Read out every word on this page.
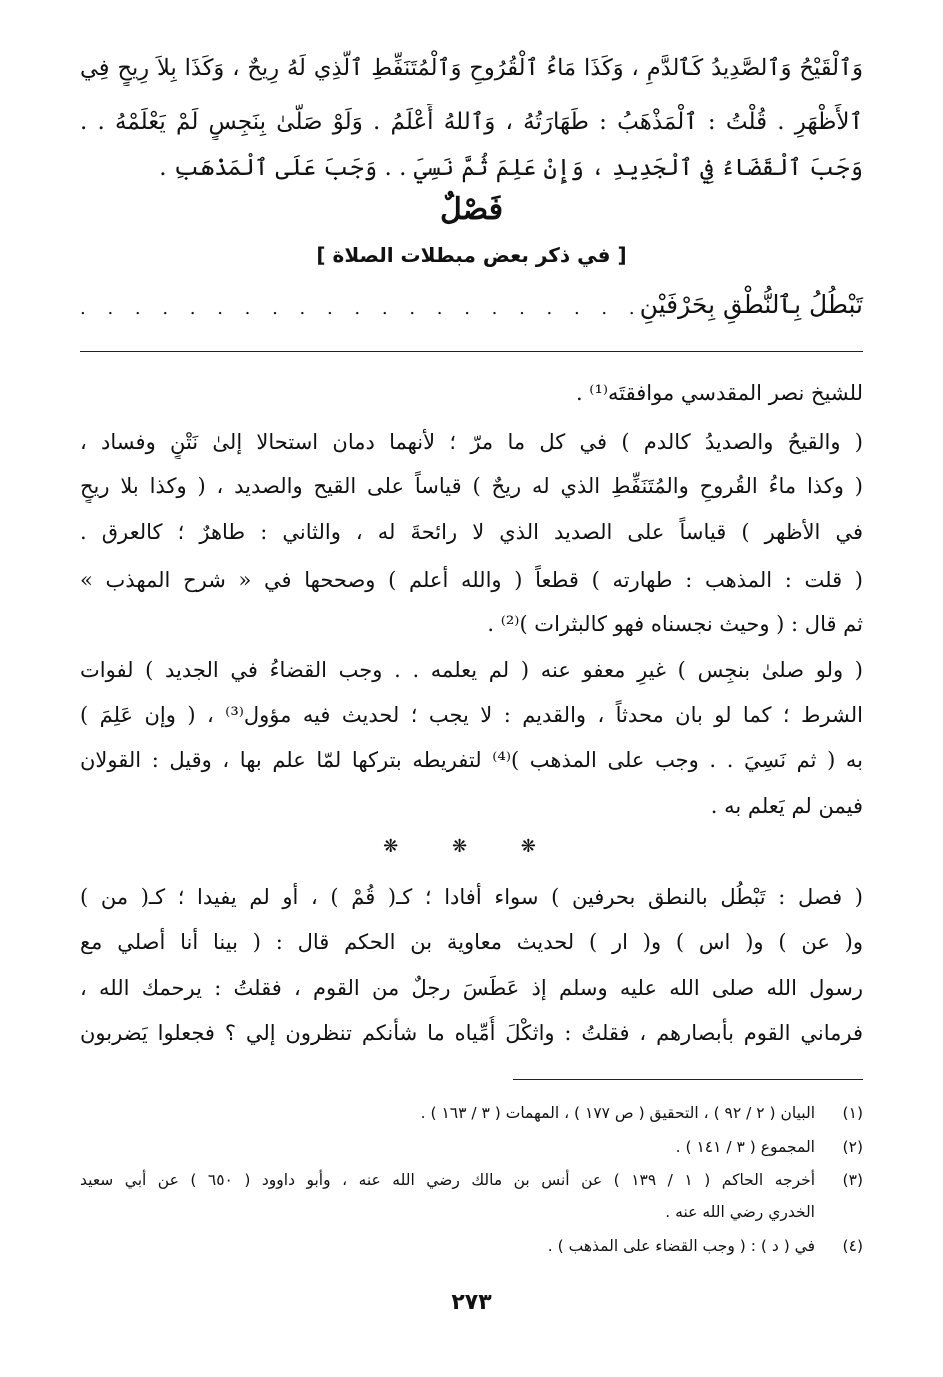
وَٱلْقَيْحُ وَٱلصَّدِيدُ كَٱلدَّمِ ، وَكَذَا مَاءُ ٱلْقُرُوحِ وَٱلْمُتَنَفِّطِ ٱلَّذِي لَهُ رِيحٌ ، وَكَذَا بِلاَ رِيحٍ فِي
ٱلأَظْهَرِ . قُلْتُ : ٱلْمَذْهَبُ : طَهَارَتُهُ ، وَٱللهُ أَعْلَمُ . وَلَوْ صَلَّىٰ بِنَجِسٍ لَمْ يَعْلَمْهُ . .
وَجَبَ ٱلْقَضَاءُ فِي ٱلْجَدِيدِ ، وَإِنْ عَلِمَ ثُمَّ نَسِيَ . . وَجَبَ عَلَى ٱلْمَذْهَبِ .
فَصْلٌ
[ في ذكر بعض مبطلات الصلاة ]
تَبْطُلُ بِٱلنُّطْقِ بِحَرْفَيْنِ
. . . . . . . . . . . . . . . . . . . . .
للشيخ نصر المقدسي موافقتَه⁽¹⁾ .
( والقيحُ والصديدُ كالدم ) في كل ما مرّ ؛ لأنهما دمان استحالا إلىٰ نَتْنٍ وفساد ،
( وكذا ماءُ القُروحِ والمُتَنَفِّطِ الذي له ريحٌ ) قياساً على القيح والصديد ، ( وكذا بلا ريحٍ
في الأظهر ) قياساً على الصديد الذي لا رائحةَ له ، والثاني : طاهرٌ ؛ كالعرق .
( قلت : المذهب : طهارته ) قطعاً ( والله أعلم ) وصححها في « شرح المهذب »
ثم قال : ( وحيث نجسناه فهو كالبثرات )⁽²⁾ .
( ولو صلىٰ بنجِس ) غيرِ معفو عنه ( لم يعلمه . . وجب القضاءُ في الجديد ) لفوات
الشرط ؛ كما لو بان محدثاً ، والقديم : لا يجب ؛ لحديث فيه مؤول⁽³⁾ ، ( وإن عَلِمَ )
به ( ثم نَسِيَ . . وجب على المذهب )⁽⁴⁾ لتفريطه بتركها لمّا علم بها ، وقيل : القولان
فيمن لم يَعلم به .
❋ ❋ ❋
( فصل : تَبْطُل بالنطق بحرفين ) سواء أفادا ؛ كـ( قُمْ ) ، أو لم يفيدا ؛ كـ( من )
و( عن ) و( اس ) و( ار ) لحديث معاوية بن الحكم قال : ( بينا أنا أصلي مع
رسول الله صلى الله عليه وسلم إذ عَطَسَ رجلٌ من القوم ، فقلتُ : يرحمك الله ،
فرماني القوم بأبصارهم ، فقلتُ : واثكْلَ أُمِّياه ما شأنكم تنظرون إلي ؟ فجعلوا يَضربون
(١)
البيان ( ٢ / ٩٢ ) ، التحقيق ( ص ١٧٧ ) ، المهمات ( ٣ / ١٦٣ ) .
(٢)
المجموع ( ٣ / ١٤١ ) .
(٣)
أخرجه الحاكم ( ١ / ١٣٩ ) عن أنس بن مالك رضي الله عنه ، وأبو داوود ( ٦٥٠ ) عن أبي سعيد
الخدري رضي الله عنه .
(٤)
في ( د ) : ( وجب القضاء على المذهب ) .
٢٧٣
